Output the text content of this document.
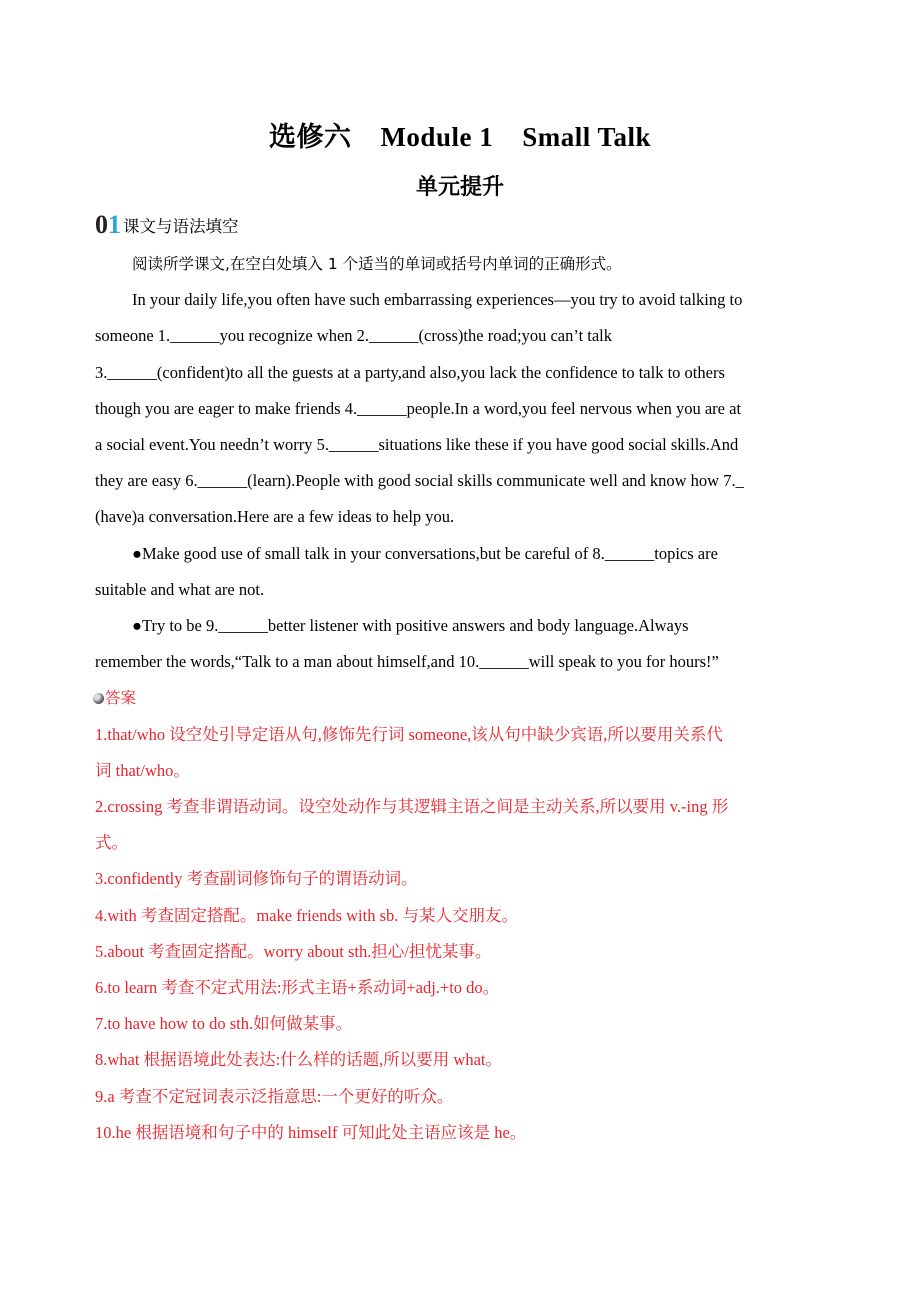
选修六    Module 1    Small Talk
单元提升
01 课文与语法填空

阅读所学课文,在空白处填入 1 个适当的单词或括号内单词的正确形式。

In your daily life,you often have such embarrassing experiences—you try to avoid talking to

someone 1.______you recognize when 2.______(cross)the road;you can’t talk

3.______(confident)to all the guests at a party,and also,you lack the confidence to talk to others

though you are eager to make friends 4.______people.In a word,you feel nervous when you are at

a social event.You needn’t worry 5.______situations like these if you have good social skills.And

they are easy 6.______(learn).People with good social skills communicate well and know how 7._

(have)a conversation.Here are a few ideas to help you.

●Make good use of small talk in your conversations,but be careful of 8.______topics are

suitable and what are not.

●Try to be 9.______better listener with positive answers and body language.Always

remember the words,“Talk to a man about himself,and 10.______will speak to you for hours!”

答案

1.that/who 设空处引导定语从句,修饰先行词 someone,该从句中缺少宾语,所以要用关系代

词 that/who。

2.crossing 考查非谓语动词。设空处动作与其逻辑主语之间是主动关系,所以要用 v.-ing 形

式。

3.confidently 考查副词修饰句子的谓语动词。

4.with 考查固定搭配。make friends with sb. 与某人交朋友。

5.about 考查固定搭配。worry about sth.担心/担忧某事。

6.to learn 考查不定式用法:形式主语+系动词+adj.+to do。

7.to have how to do sth.如何做某事。

8.what 根据语境此处表达:什么样的话题,所以要用 what。

9.a 考查不定冠词表示泛指意思:一个更好的听众。

10.he 根据语境和句子中的 himself 可知此处主语应该是 he。
